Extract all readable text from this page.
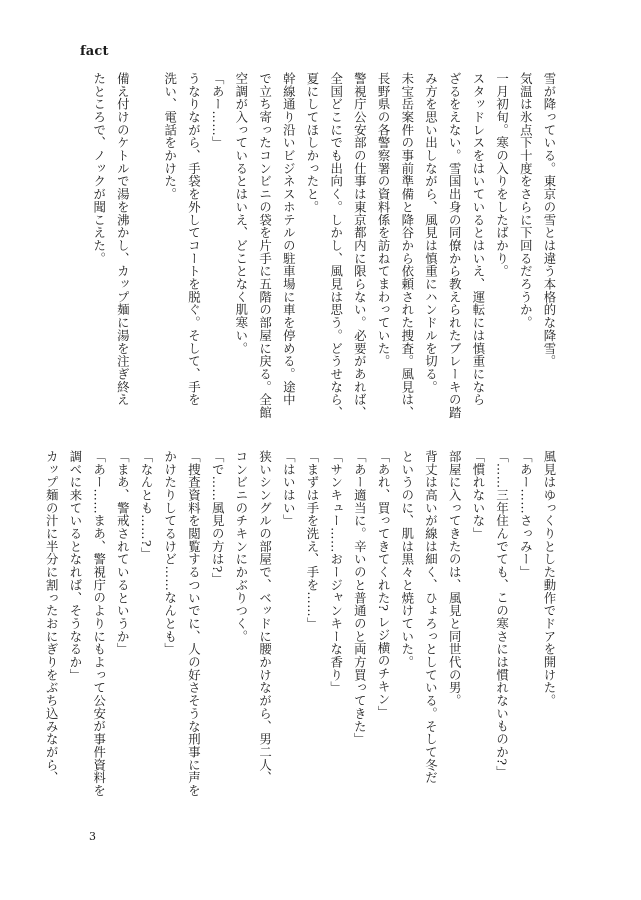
fact
雪が降っている。東京の雪とは違う本格的な降雪。
気温は氷点下十度をさらに下回るだろうか。
一月初旬。寒の入りをしたばかり。
スタッドレスをはいているとはいえ、運転には慎重になら
ざるをえない。雪国出身の同僚から教えられたブレーキの踏
み方を思い出しながら、風見は慎重にハンドルを切る。
未宝岳案件の事前準備と降谷から依頼された捜査。風見は、
長野県の各警察署の資料係を訪ねてまわっていた。
警視庁公安部の仕事は東京都内に限らない。必要があれば、
全国どこにでも出向く。しかし、風見は思う。どうせなら、
夏にしてほしかったと。
幹線通り沿いビジネスホテルの駐車場に車を停める。途中
で立ち寄ったコンビニの袋を片手に五階の部屋に戻る。全館
空調が入っているとはいえ、どことなく肌寒い。
「あー……」
うなりながら、手袋を外してコートを脱ぐ。そして、手を
洗い、電話をかけた。

備え付けのケトルで湯を沸かし、カップ麺に湯を注ぎ終え
たところで、ノックが聞こえた。
風見はゆっくりとした動作でドアを開けた。
「あー……さっみー」
「……三年住んでても、この寒さには慣れないものか?」
「慣れないな」
部屋に入ってきたのは、風見と同世代の男。
背丈は高いが線は細く、ひょろっとしている。そして冬だ
というのに、肌は黒々と焼けていた。
「あれ、買ってきてくれた? レジ横のチキン」
「あー適当に。辛いのと普通のと両方買ってきた」
「サンキュー……おージャンキーな香り」
「まずは手を洗え、手を……」
「はいはい」
狭いシングルの部屋で、ベッドに腰かけながら、男二人、
コンビニのチキンにかぶりつく。
「で……風見の方は?」
「捜査資料を閲覧するついでに、人の好さそうな刑事に声を
かけたりしてるけど……なんとも」
「なんとも……?」
「まあ、警戒されているというか」
「あー……まあ、警視庁のよりにもよって公安が事件資料を
調べに来ているとなれば、そうなるか」
カップ麺の汁に半分に割ったおにぎりをぶち込みながら、
3
